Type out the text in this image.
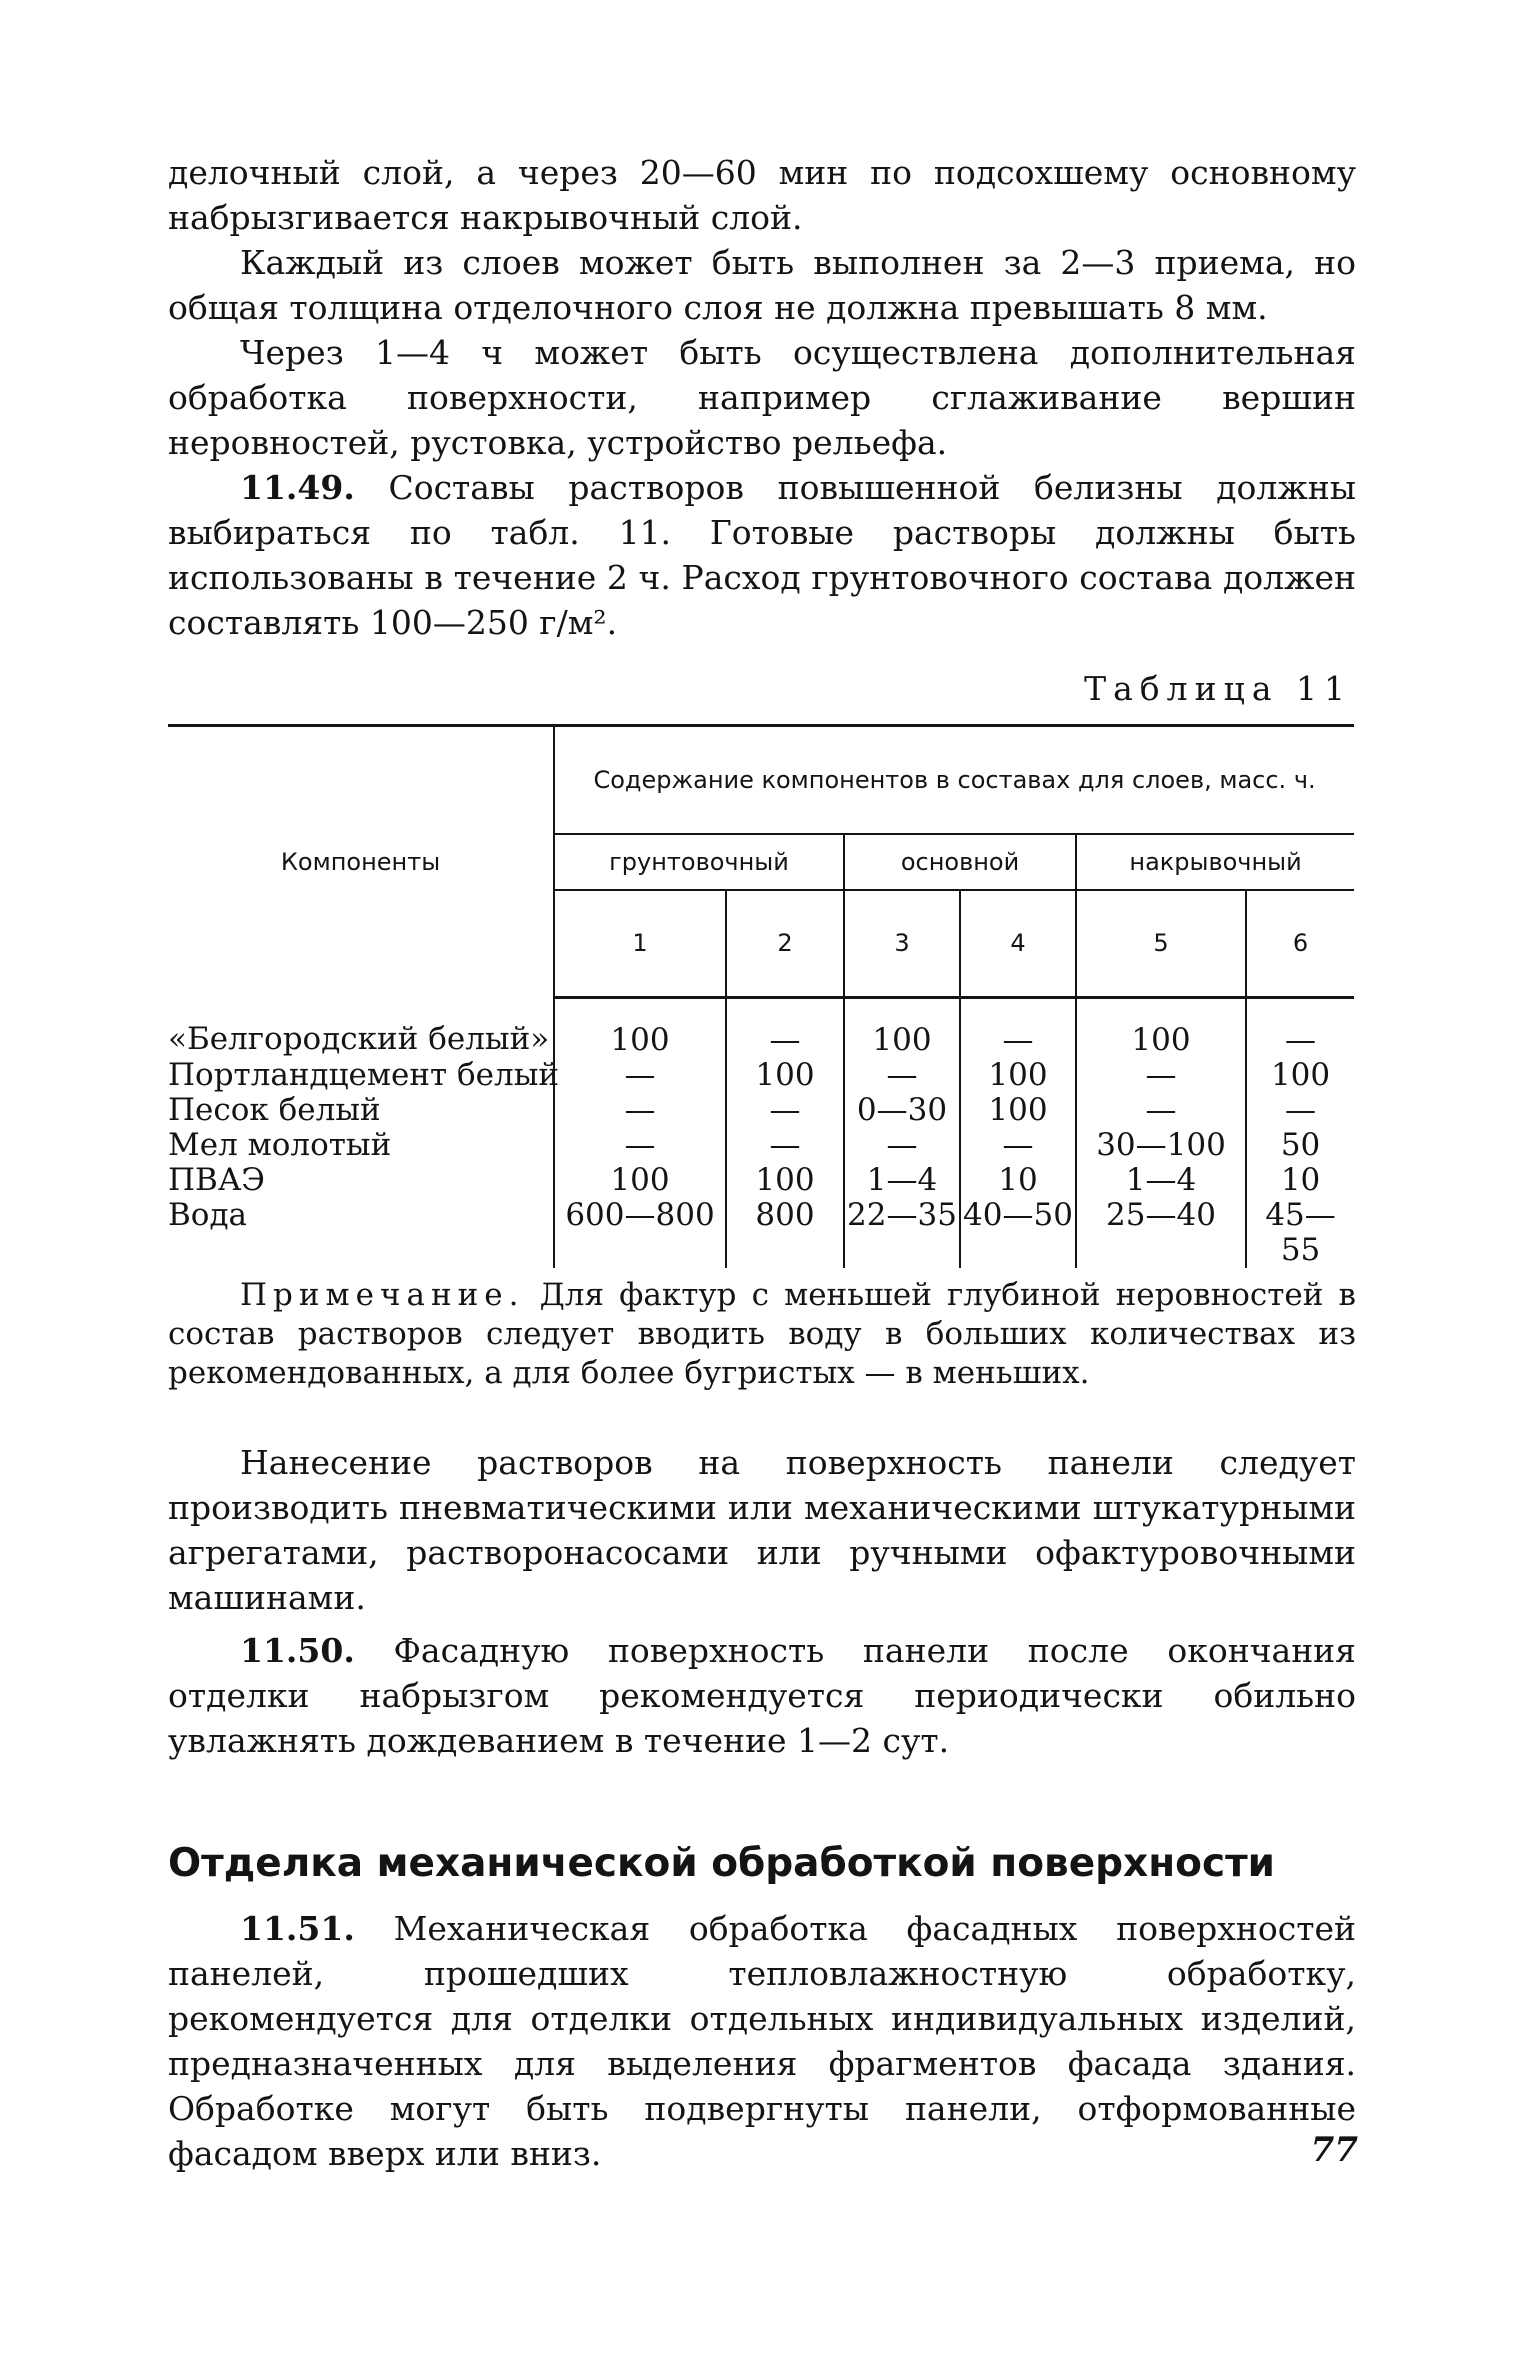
делочный слой, а через 20—60 мин по подсохшему основному набрызгивается накрывочный слой.

Каждый из слоев может быть выполнен за 2—3 приема, но общая толщина отделочного слоя не должна превышать 8 мм.

Через 1—4 ч может быть осуществлена дополнительная обработка поверхности, например сглаживание вершин неровностей, рустовка, устройство рельефа.

11.49. Составы растворов повышенной белизны должны выбираться по табл. 11. Готовые растворы должны быть использованы в течение 2 ч. Расход грунтовочного состава должен составлять 100—250 г/м².

Таблица 11
Компоненты	Содержание компонентов в составах для слоев, масс. ч.					
	грунтовочный		основной		накрывочный	
	1	2	3	4	5	6
«Белгородский белый»	100	—	100	—	100	—
Портландцемент белый	—	100	—	100	—	100
Песок белый	—	—	0—30	100	—	—
Мел молотый	—	—	—	—	30—100	50
ПВАЭ	100	100	1—4	10	1—4	10
Вода	600—800	800	22—35	40—50	25—40	45—55

Примечание. Для фактур с меньшей глубиной неровностей в состав растворов следует вводить воду в больших количествах из рекомендованных, а для более бугристых — в меньших.

Нанесение растворов на поверхность панели следует производить пневматическими или механическими штукатурными агрегатами, растворонасосами или ручными офактуровочными машинами.

11.50. Фасадную поверхность панели после окончания отделки набрызгом рекомендуется периодически обильно увлажнять дождеванием в течение 1—2 сут.

Отделка механической обработкой поверхности

11.51. Механическая обработка фасадных поверхностей панелей, прошедших тепловлажностную обработку, рекомендуется для отделки отдельных индивидуальных изделий, предназначенных для выделения фрагментов фасада здания. Обработке могут быть подвергнуты панели, отформованные фасадом вверх или вниз.	77
